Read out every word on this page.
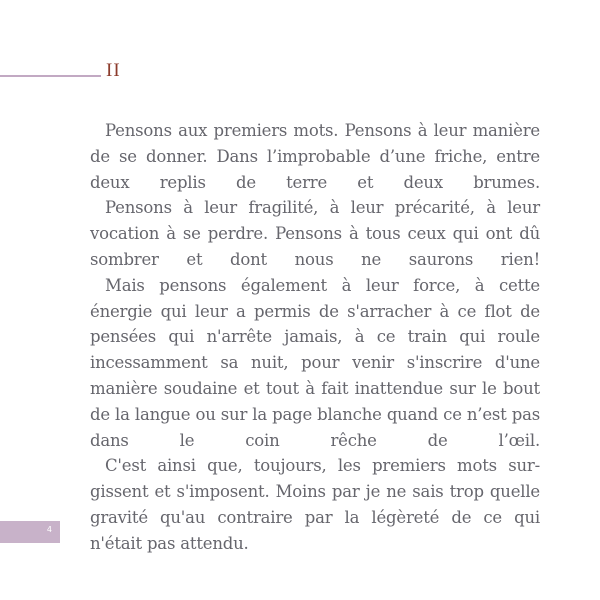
II

Pensons aux premiers mots. Pensons à leur manière de se donner. Dans l’improbable d’une friche, entre deux replis de terre et deux brumes.

Pensons à leur fragilité, à leur précarité, à leur vocation à se perdre. Pensons à tous ceux qui ont dû sombrer et dont nous ne saurons rien!

Mais pensons également à leur force, à cette énergie qui leur a permis de s'arracher à ce flot de pensées qui n'arrête jamais, à ce train qui roule incessamment sa nuit, pour venir s'inscrire d'une manière soudaine et tout à fait inattendue sur le bout de la langue ou sur la page blanche quand ce n’est pas dans le coin rêche de l’œil.

C'est ainsi que, toujours, les premiers mots sur-gissent et s'imposent. Moins par je ne sais trop quelle gravité qu'au contraire par la légèreté de ce qui n'était pas attendu.

4
